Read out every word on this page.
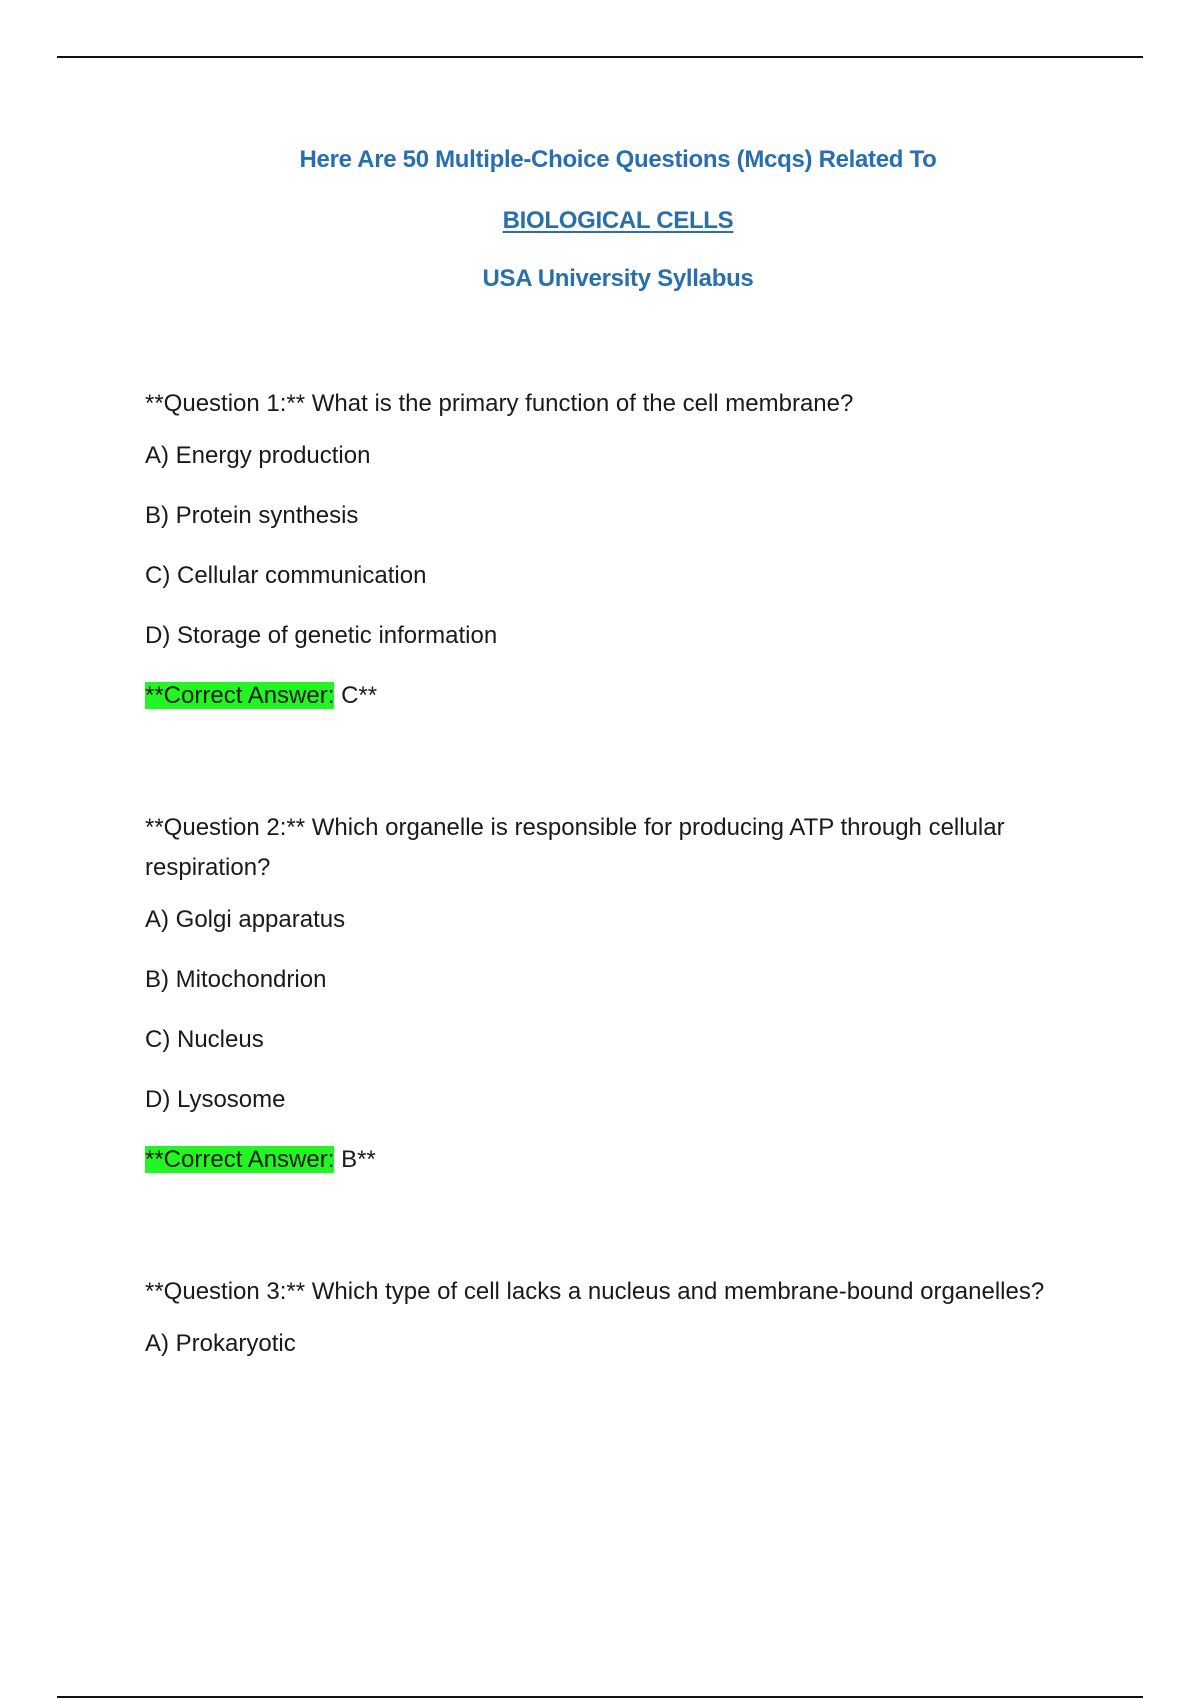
Here Are 50 Multiple-Choice Questions (Mcqs) Related To
BIOLOGICAL CELLS
USA University Syllabus

**Question 1:** What is the primary function of the cell membrane?

A) Energy production

B) Protein synthesis

C) Cellular communication

D) Storage of genetic information

**Correct Answer: C**

**Question 2:** Which organelle is responsible for producing ATP through cellular respiration?

A) Golgi apparatus

B) Mitochondrion

C) Nucleus

D) Lysosome

**Correct Answer: B**

**Question 3:** Which type of cell lacks a nucleus and membrane-bound organelles?

A) Prokaryotic
